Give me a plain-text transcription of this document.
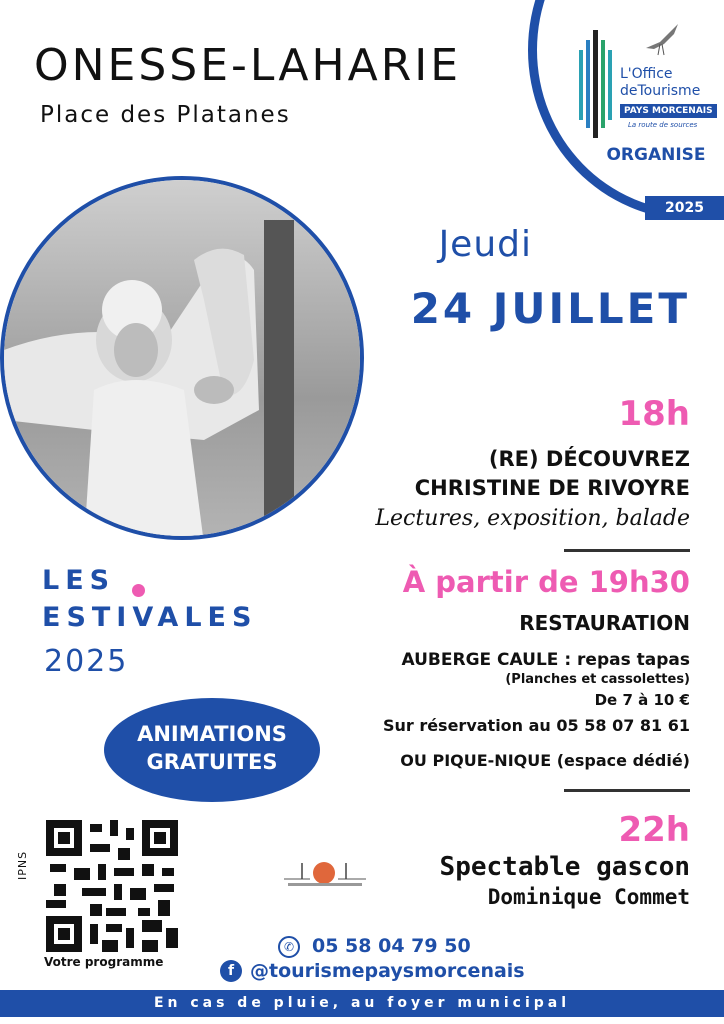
ONESSE-LAHARIE
Place des Platanes
L'Office
deTourisme
PAYS MORCENAIS
La route de sources
ORGANISE
2025
Jeudi
24 JUILLET
18h
(RE) DÉCOUVREZ
CHRISTINE DE RIVOYRE
Lectures, exposition, balade
À partir de 19h30
RESTAURATION
AUBERGE CAULE : repas tapas
(Planches et cassolettes)
De 7 à 10 €
Sur réservation au 05 58 07 81 61
OU PIQUE-NIQUE (espace dédié)
22h
Spectable gascon
Dominique Commet
LES
ESTIVALES
2025
ANIMATIONS
GRATUITES
IPNS
Votre programme
✆ 05 58 04 79 50
f @tourismepaysmorcenais
En cas de pluie, au foyer municipal
